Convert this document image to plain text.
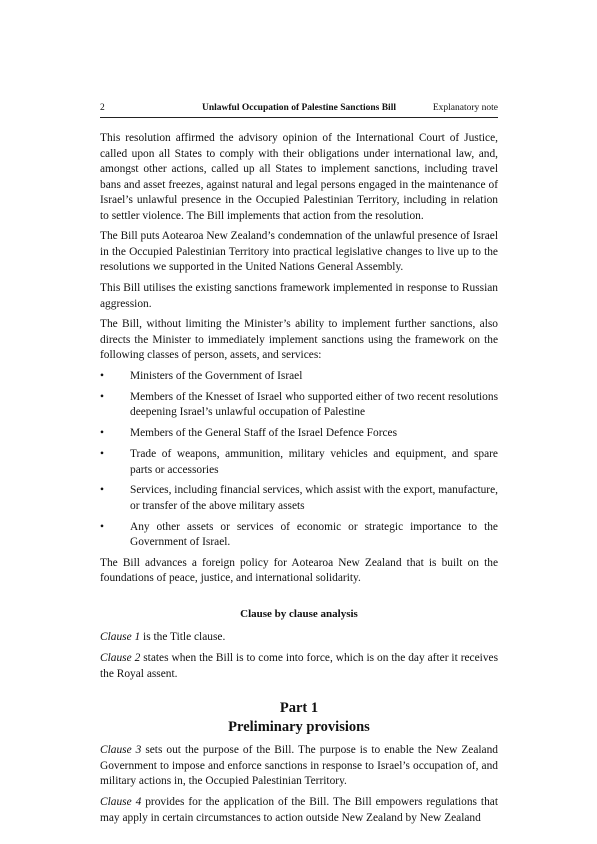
Unlawful Occupation of Palestine Sanctions Bill
2	Explanatory note

This resolution affirmed the advisory opinion of the International Court of Justice, called upon all States to comply with their obligations under international law, and, amongst other actions, called up all States to implement sanctions, including travel bans and asset freezes, against natural and legal persons engaged in the maintenance of Israel’s unlawful presence in the Occupied Palestinian Territory, including in relation to settler violence. The Bill implements that action from the resolution.

The Bill puts Aotearoa New Zealand’s condemnation of the unlawful presence of Israel in the Occupied Palestinian Territory into practical legislative changes to live up to the resolutions we supported in the United Nations General Assembly.

This Bill utilises the existing sanctions framework implemented in response to Russian aggression.

The Bill, without limiting the Minister’s ability to implement further sanctions, also directs the Minister to immediately implement sanctions using the framework on the following classes of person, assets, and services:

• Ministers of the Government of Israel
• Members of the Knesset of Israel who supported either of two recent resolutions deepening Israel’s unlawful occupation of Palestine
• Members of the General Staff of the Israel Defence Forces
• Trade of weapons, ammunition, military vehicles and equipment, and spare parts or accessories
• Services, including financial services, which assist with the export, manufacture, or transfer of the above military assets
• Any other assets or services of economic or strategic importance to the Government of Israel.

The Bill advances a foreign policy for Aotearoa New Zealand that is built on the foundations of peace, justice, and international solidarity.

Clause by clause analysis

Clause 1 is the Title clause.

Clause 2 states when the Bill is to come into force, which is on the day after it receives the Royal assent.

Part 1
Preliminary provisions

Clause 3 sets out the purpose of the Bill. The purpose is to enable the New Zealand Government to impose and enforce sanctions in response to Israel’s occupation of, and military actions in, the Occupied Palestinian Territory.

Clause 4 provides for the application of the Bill. The Bill empowers regulations that may apply in certain circumstances to action outside New Zealand by New Zealand
